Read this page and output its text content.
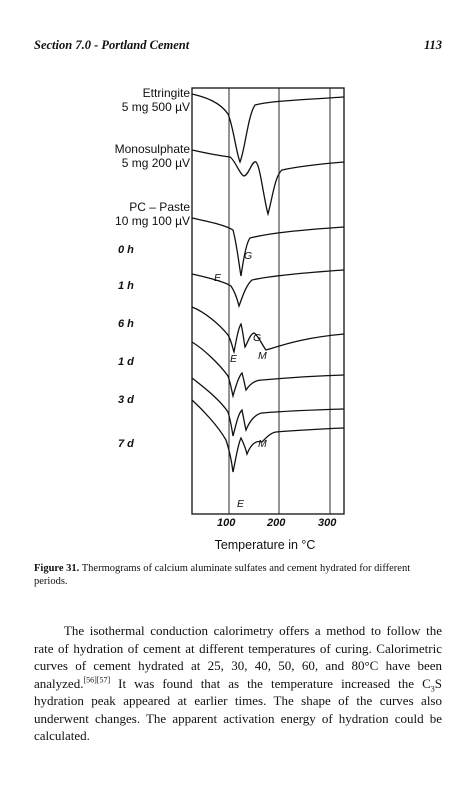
Section 7.0 - Portland Cement	113
Ettringite
5 mg 500 µV
Monosulphate
5 mg 200 µV
PC – Paste
10 mg 100 µV
0 h
1 h
6 h
1 d
3 d
7 d
E
G
G
E M
M
E
100	200	300
Temperature in °C
Figure 31. Thermograms of calcium aluminate sulfates and cement hydrated for different periods.

The isothermal conduction calorimetry offers a method to follow the rate of hydration of cement at different temperatures of curing. Calorimetric curves of cement hydrated at 25, 30, 40, 50, 60, and 80°C have been analyzed.[56][57] It was found that as the temperature increased the $C_3S$ hydration peak appeared at earlier times. The shape of the curves also underwent changes. The apparent activation energy of hydration could be calculated.
